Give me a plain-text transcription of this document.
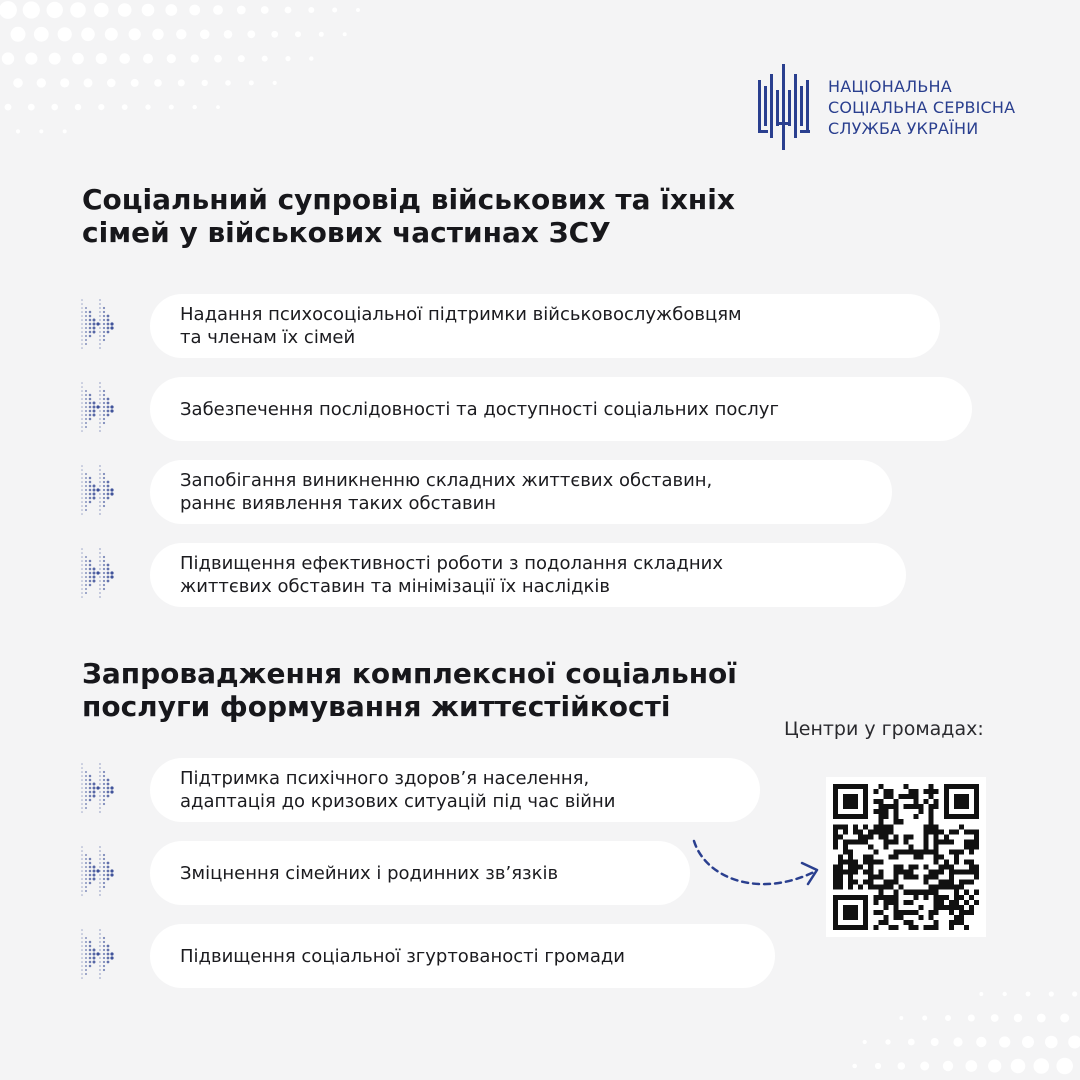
НАЦІОНАЛЬНА
СОЦІАЛЬНА СЕРВІСНА
СЛУЖБА УКРАЇНИ
Соціальний супровід військових та їхніх
сімей у військових частинах ЗСУ
Надання психосоціальної підтримки військовослужбовцям
та членам їх сімей
Забезпечення послідовності та доступності соціальних послуг
Запобігання виникненню складних життєвих обставин,
раннє виявлення таких обставин
Підвищення ефективності роботи з подолання складних
життєвих обставин та мінімізації їх наслідків
Запровадження комплексної соціальної
послуги формування життєстійкості
Підтримка психічного здоров’я населення,
адаптація до кризових ситуацій під час війни
Зміцнення сімейних і родинних зв’язків
Підвищення соціальної згуртованості громади
Центри у громадах:
